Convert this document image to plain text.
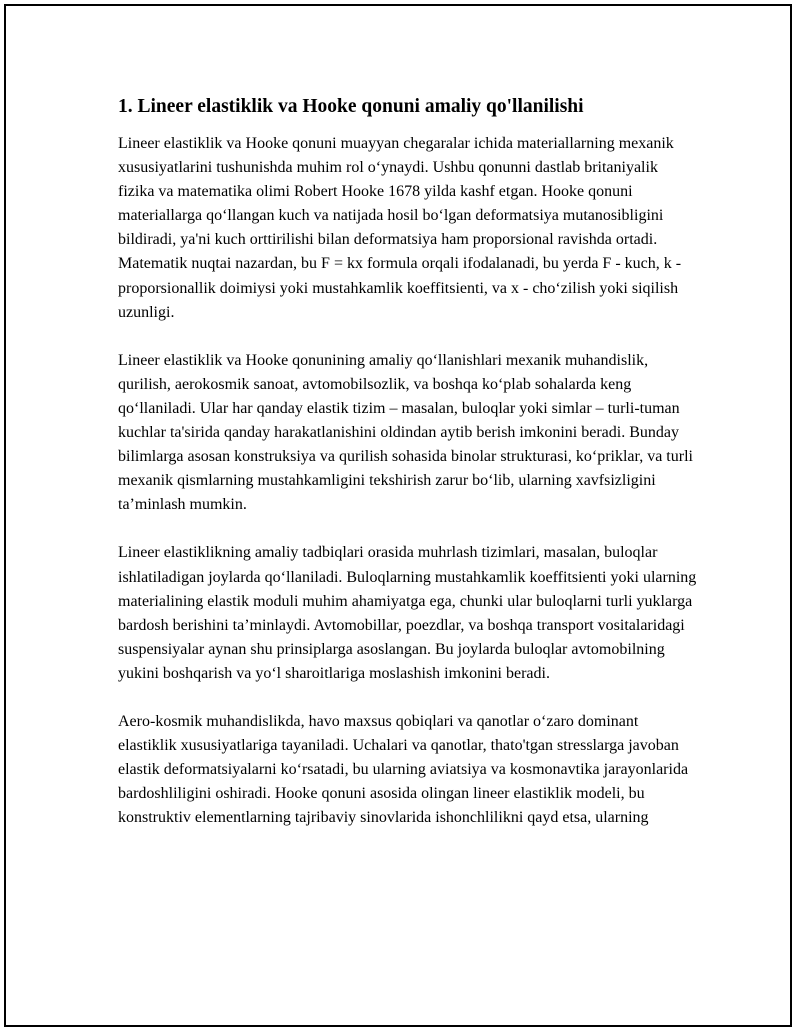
1. Lineer elastiklik va Hooke qonuni amaliy qo'llanilishi

Lineer elastiklik va Hooke qonuni muayyan chegaralar ichida materiallarning mexanik xususiyatlarini tushunishda muhim rol o‘ynaydi. Ushbu qonunni dastlab britaniyalik fizika va matematika olimi Robert Hooke 1678 yilda kashf etgan. Hooke qonuni materiallarga qo‘llangan kuch va natijada hosil bo‘lgan deformatsiya mutanosibligini bildiradi, ya'ni kuch orttirilishi bilan deformatsiya ham proporsional ravishda ortadi. Matematik nuqtai nazardan, bu F = kx formula orqali ifodalanadi, bu yerda F - kuch, k - proporsionallik doimiysi yoki mustahkamlik koeffitsienti, va x - cho‘zilish yoki siqilish uzunligi.

Lineer elastiklik va Hooke qonunining amaliy qo‘llanishlari mexanik muhandislik, qurilish, aerokosmik sanoat, avtomobilsozlik, va boshqa ko‘plab sohalarda keng qo‘llaniladi. Ular har qanday elastik tizim – masalan, buloqlar yoki simlar – turli-tuman kuchlar ta'sirida qanday harakatlanishini oldindan aytib berish imkonini beradi. Bunday bilimlarga asosan konstruksiya va qurilish sohasida binolar strukturasi, ko‘priklar, va turli mexanik qismlarning mustahkamligini tekshirish zarur bo‘lib, ularning xavfsizligini ta’minlash mumkin.

Lineer elastiklikning amaliy tadbiqlari orasida muhrlash tizimlari, masalan, buloqlar ishlatiladigan joylarda qo‘llaniladi. Buloqlarning mustahkamlik koeffitsienti yoki ularning materialining elastik moduli muhim ahamiyatga ega, chunki ular buloqlarni turli yuklarga bardosh berishini ta’minlaydi. Avtomobillar, poezdlar, va boshqa transport vositalaridagi suspensiyalar aynan shu prinsiplarga asoslangan. Bu joylarda buloqlar avtomobilning yukini boshqarish va yo‘l sharoitlariga moslashish imkonini beradi.

Aero-kosmik muhandislikda, havo maxsus qobiqlari va qanotlar o‘zaro dominant elastiklik xususiyatlariga tayaniladi. Uchalari va qanotlar, thato'tgan stresslarga javoban elastik deformatsiyalarni ko‘rsatadi, bu ularning aviatsiya va kosmonavtika jarayonlarida bardoshliligini oshiradi. Hooke qonuni asosida olingan lineer elastiklik modeli, bu konstruktiv elementlarning tajribaviy sinovlarida ishonchlilikni qayd etsa, ularning
